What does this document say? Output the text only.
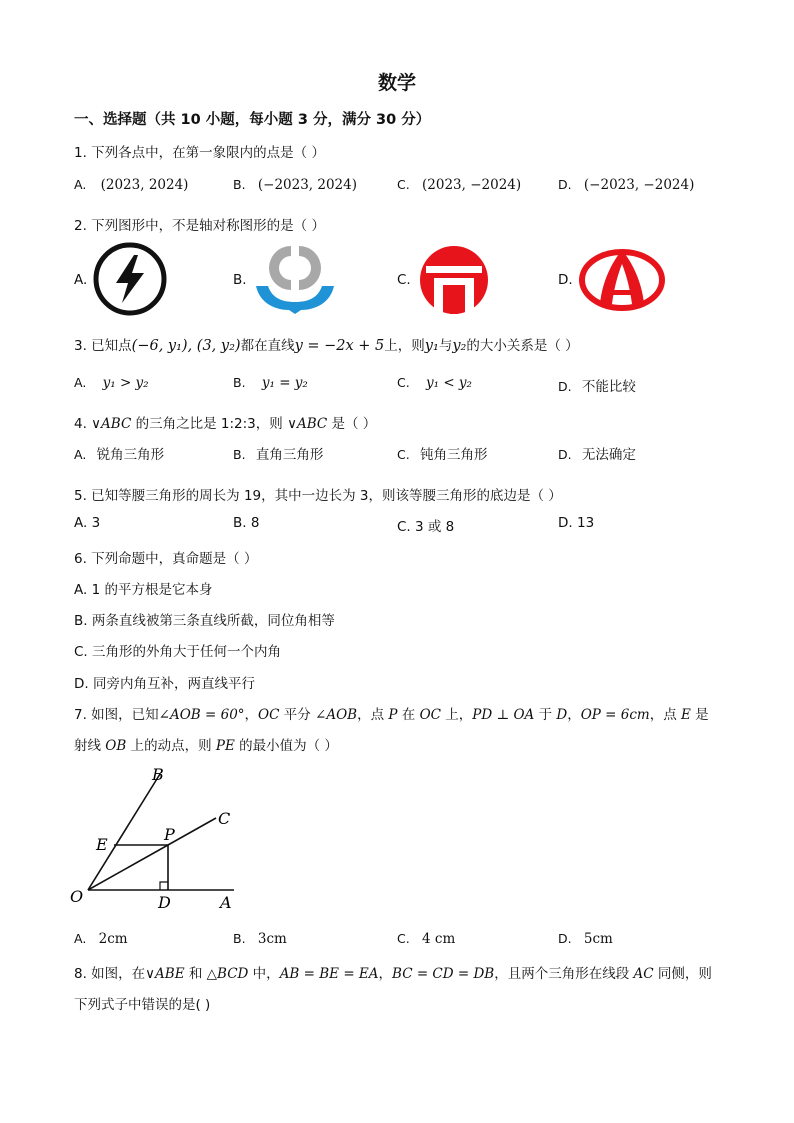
数学
一、选择题（共 10 小题，每小题 3 分，满分 30 分）
1. 下列各点中，在第一象限内的点是（ ）
A. (2023, 2024)	B. (−2023, 2024)	C. (2023, −2024)	D. (−2023, −2024)
2. 下列图形中，不是轴对称图形的是（ ）
A.	B.	C.	D.
3. 已知点(−6, y₁), (3, y₂)都在直线y = −2x + 5上，则y₁与y₂的大小关系是（ ）
A. y₁ > y₂	B. y₁ = y₂	C. y₁ < y₂	D. 不能比较
4. ∨ABC 的三角之比是 1:2:3，则 ∨ABC 是（ ）
A. 锐角三角形	B. 直角三角形	C. 钝角三角形	D. 无法确定
5. 已知等腰三角形的周长为 19，其中一边长为 3，则该等腰三角形的底边是（ ）
A. 3	B. 8	C. 3 或 8	D. 13
6. 下列命题中，真命题是（ ）
A. 1 的平方根是它本身
B. 两条直线被第三条直线所截，同位角相等
C. 三角形的外角大于任何一个内角
D. 同旁内角互补，两直线平行
7. 如图，已知∠AOB = 60°，OC 平分 ∠AOB，点 P 在 OC 上，PD ⊥ OA 于 D，OP = 6cm，点 E 是
射线 OB 上的动点，则 PE 的最小值为（ ）
B
C
E
P
O	D	A
A. 2cm	B. 3cm	C. 4 cm	D. 5cm
8. 如图，在∨ABE 和 △BCD 中，AB = BE = EA，BC = CD = DB，且两个三角形在线段 AC 同侧，则
下列式子中错误的是( )
